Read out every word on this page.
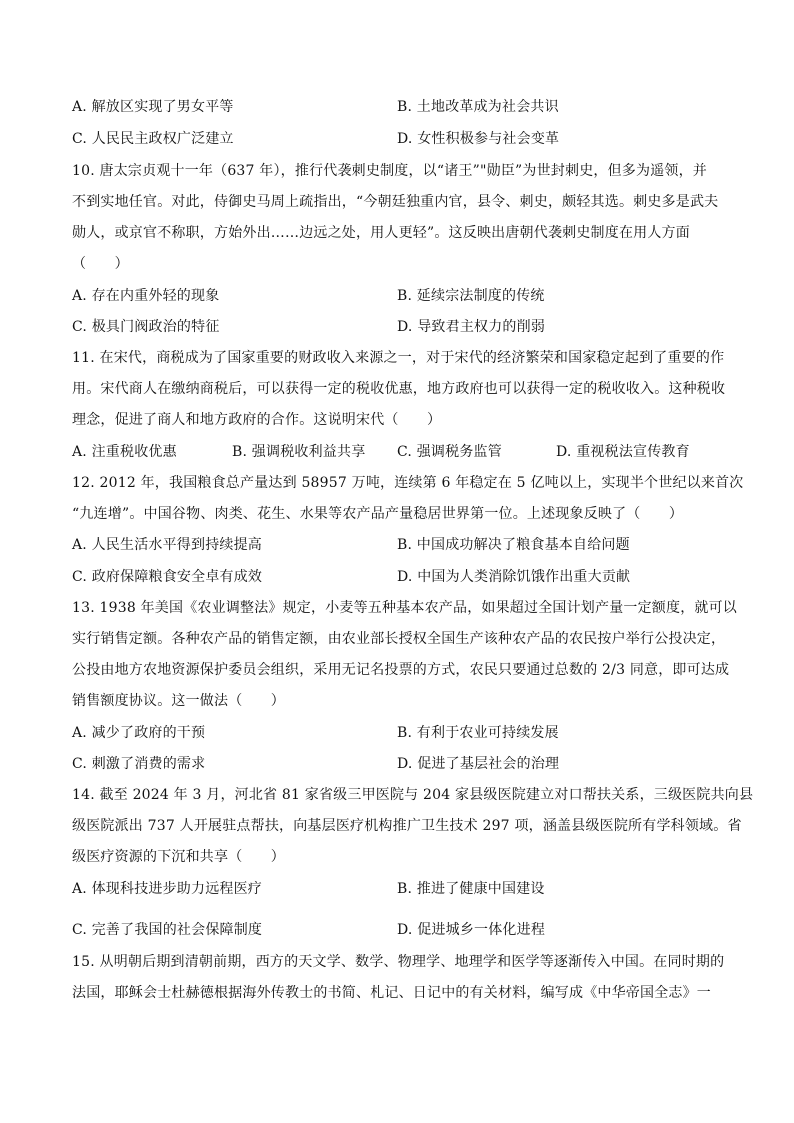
A. 解放区实现了男女平等	B. 土地改革成为社会共识
C. 人民民主政权广泛建立	D. 女性积极参与社会变革
10. 唐太宗贞观十一年（637 年），推行代袭刺史制度，以“诸王”"勋臣”为世封刺史，但多为遥领，并
不到实地任官。对此，侍御史马周上疏指出，“今朝廷独重内官，县令、刺史，颇轻其选。刺史多是武夫
勋人，或京官不称职，方始外出……边远之处，用人更轻”。这反映出唐朝代袭刺史制度在用人方面
（　　）
A. 存在内重外轻的现象	B. 延续宗法制度的传统
C. 极具门阀政治的特征	D. 导致君主权力的削弱
11. 在宋代，商税成为了国家重要的财政收入来源之一，对于宋代的经济繁荣和国家稳定起到了重要的作
用。宋代商人在缴纳商税后，可以获得一定的税收优惠，地方政府也可以获得一定的税收收入。这种税收
理念，促进了商人和地方政府的合作。这说明宋代（　　）
A. 注重税收优惠	B. 强调税收利益共享 C. 强调税务监管	D. 重视税法宣传教育
12. 2012 年，我国粮食总产量达到 58957 万吨，连续第 6 年稳定在 5 亿吨以上，实现半个世纪以来首次
“九连增”。中国谷物、肉类、花生、水果等农产品产量稳居世界第一位。上述现象反映了（　　）
A. 人民生活水平得到持续提高	B. 中国成功解决了粮食基本自给问题
C. 政府保障粮食安全卓有成效	D. 中国为人类消除饥饿作出重大贡献
13. 1938 年美国《农业调整法》规定，小麦等五种基本农产品，如果超过全国计划产量一定额度，就可以
实行销售定额。各种农产品的销售定额，由农业部长授权全国生产该种农产品的农民按户举行公投决定，
公投由地方农地资源保护委员会组织，采用无记名投票的方式，农民只要通过总数的 2/3 同意，即可达成
销售额度协议。这一做法（　　）
A. 减少了政府的干预	B. 有利于农业可持续发展
C. 刺激了消费的需求	D. 促进了基层社会的治理
14. 截至 2024 年 3 月，河北省 81 家省级三甲医院与 204 家县级医院建立对口帮扶关系，三级医院共向县
级医院派出 737 人开展驻点帮扶，向基层医疗机构推广卫生技术 297 项，涵盖县级医院所有学科领域。省
级医疗资源的下沉和共享（　　）
A. 体现科技进步助力远程医疗	B. 推进了健康中国建设
C. 完善了我国的社会保障制度	D. 促进城乡一体化进程
15. 从明朝后期到清朝前期，西方的天文学、数学、物理学、地理学和医学等逐渐传入中国。在同时期的
法国，耶稣会士杜赫德根据海外传教士的书简、札记、日记中的有关材料，编写成《中华帝国全志》一
